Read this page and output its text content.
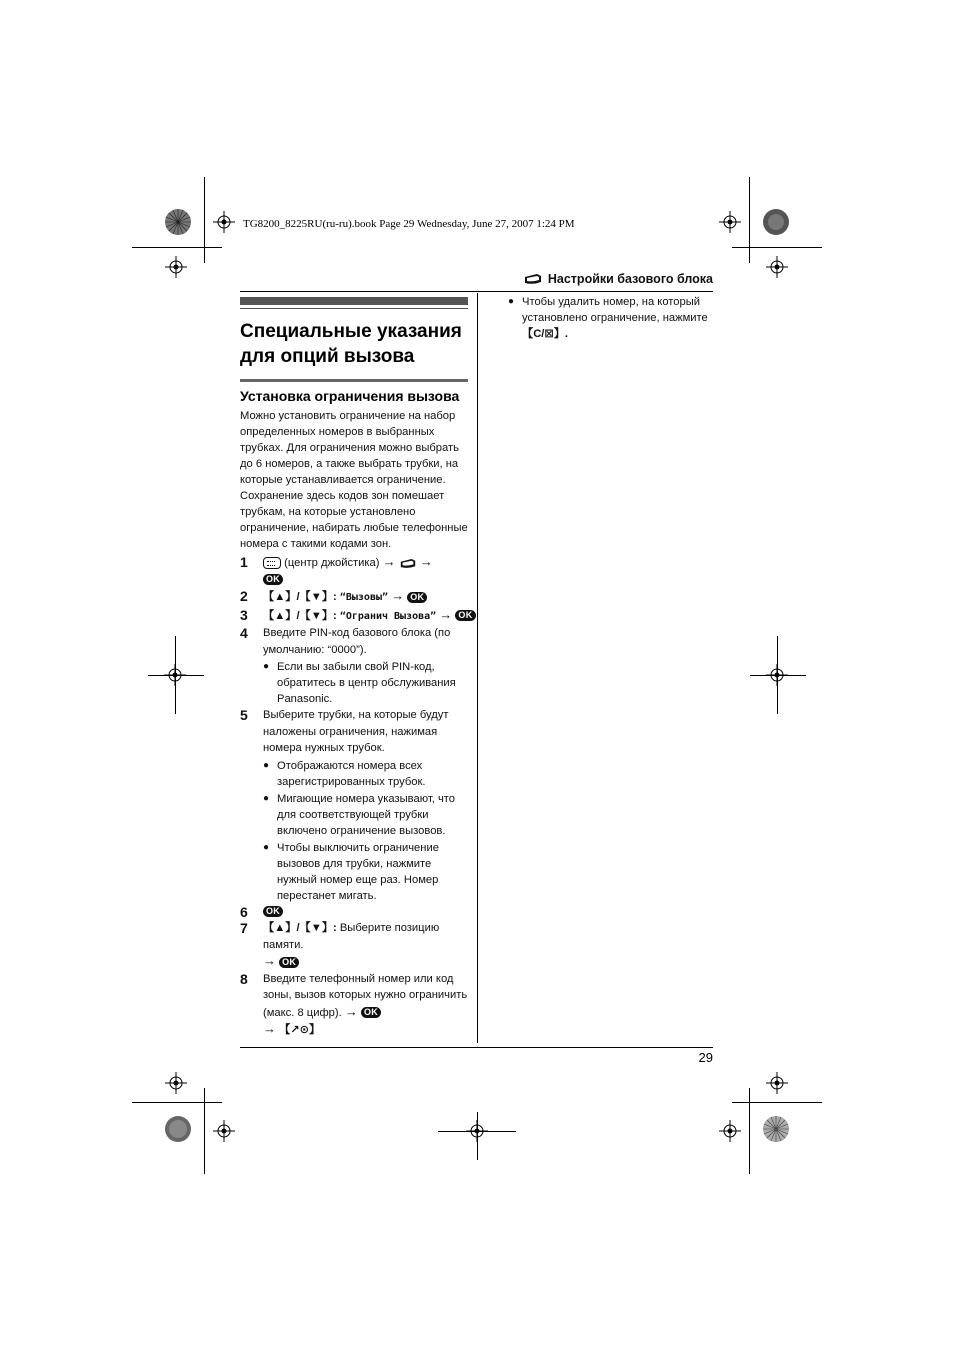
TG8200_8225RU(ru-ru).book Page 29 Wednesday, June 27, 2007 1:24 PM
Настройки базового блока
Специальные указания для опций вызова
Установка ограничения вызова
Можно установить ограничение на набор определенных номеров в выбранных трубках. Для ограничения можно выбрать до 6 номеров, а также выбрать трубки, на которые устанавливается ограничение. Сохранение здесь кодов зон помешает трубкам, на которые установлено ограничение, набирать любые телефонные номера с такими кодами зон.
1	(центр джойстика) → →
OK
2	【▲】/【▼】: “Вызовы” → OK
3	【▲】/【▼】: “Огранич Вызова” → OK
4	Введите PIN-код базового блока (по умолчанию: “0000”).
● Если вы забыли свой PIN-код, обратитесь в центр обслуживания Panasonic.
5	Выберите трубки, на которые будут наложены ограничения, нажимая номера нужных трубок.
● Отображаются номера всех зарегистрированных трубок.
● Мигающие номера указывают, что для соответствующей трубки включено ограничение вызовов.
● Чтобы выключить ограничение вызовов для трубки, нажмите нужный номер еще раз. Номер перестанет мигать.
6	OK
7	【▲】/【▼】: Выберите позицию памяти.
→ OK
8	Введите телефонный номер или код зоны, вызов которых нужно ограничить (макс. 8 цифр). → OK
→ 【↗⊙】
● Чтобы удалить номер, на который установлено ограничение, нажмите
【C/⊠】.
29
